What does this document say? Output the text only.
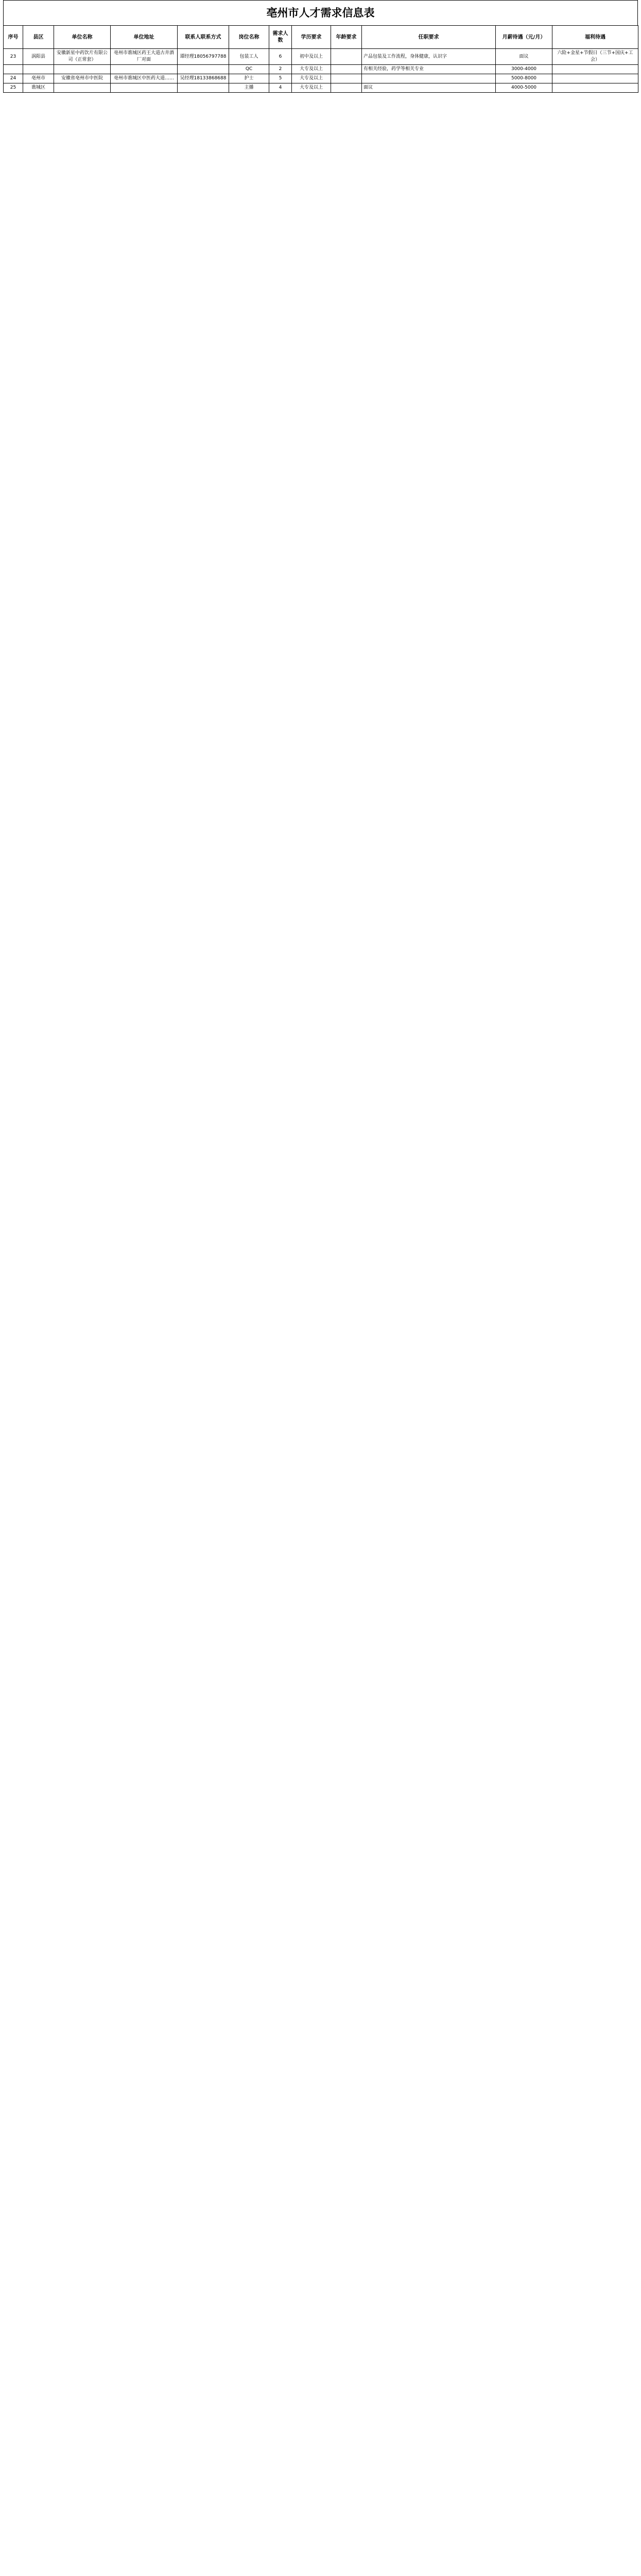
亳州市人才需求信息表
序号	县区	单位名称	单位地址	联系人联系方式	岗位名称	需求人数	学历要求	年龄要求	任职要求	月薪待遇（元/月）	福利待遇
23	涡阳县	安徽新星中药饮片有限公司（正常套）	亳州市谯城区药王大道古井酒厂对面	谭经理18056797788	包装工人	6	初中及以上		产品包装及工作流程，身体健康，认识字	面议	六险+金星+节假日（三节+国庆+工会）
					QC	2	大专及以上		有相关经验，药学等相关专业	3000-4000	
24	亳州市	安徽省亳州市中医院	亳州市谯城区中医药大道……	吴经理18133868688	护士	5	大专及以上			5000-8000	
25	谯城区				主播	4	大专及以上		面议	4000-5000	
